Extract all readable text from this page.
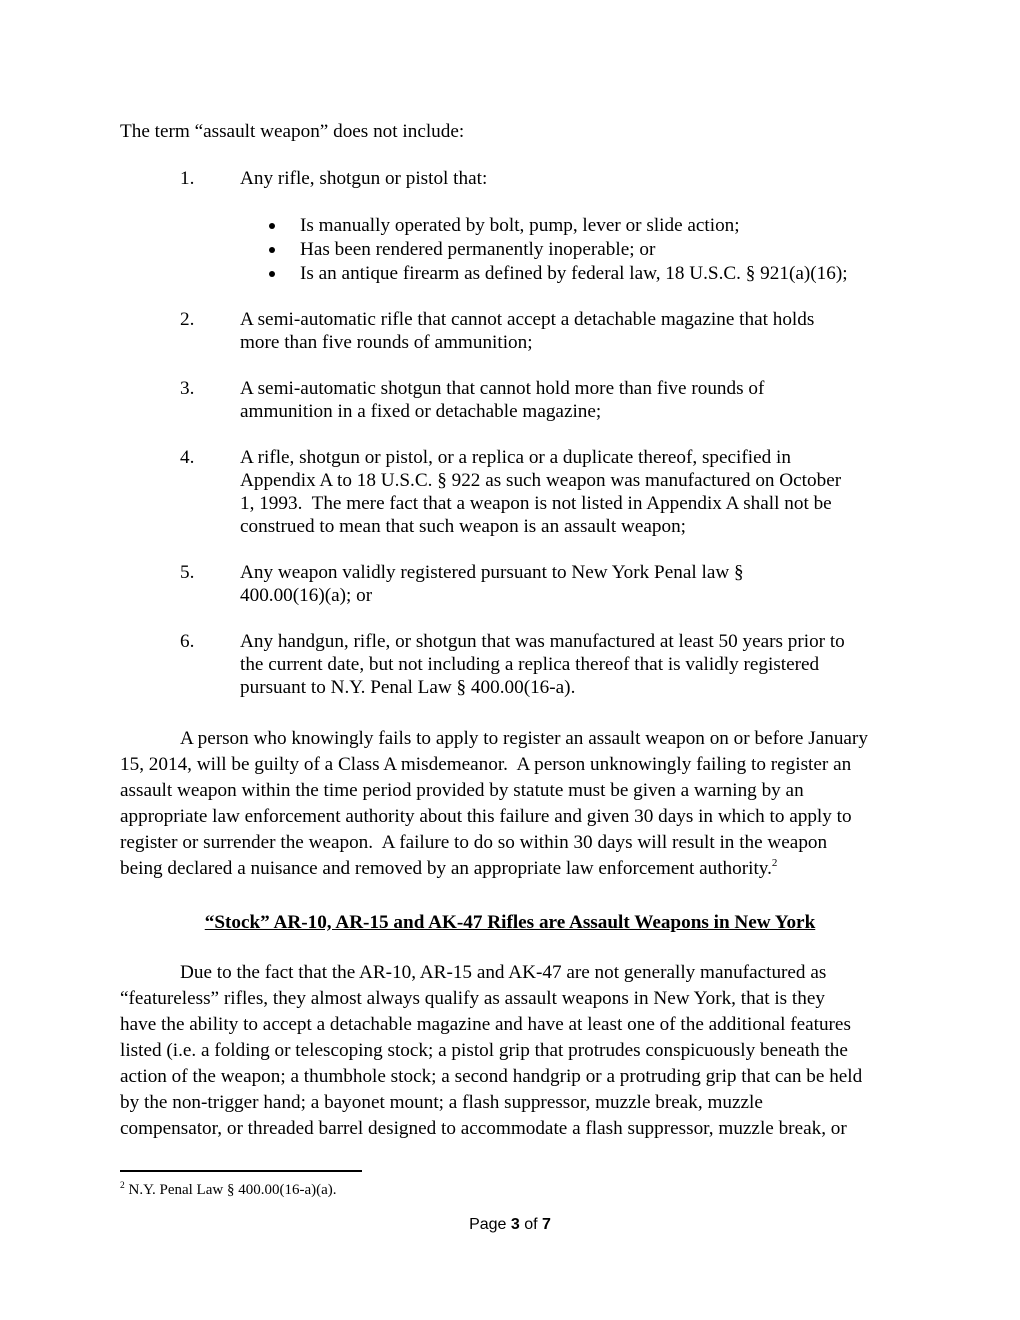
The term “assault weapon” does not include:
1. Any rifle, shotgun or pistol that:
Is manually operated by bolt, pump, lever or slide action;
Has been rendered permanently inoperable; or
Is an antique firearm as defined by federal law, 18 U.S.C. § 921(a)(16);
2. A semi-automatic rifle that cannot accept a detachable magazine that holds
more than five rounds of ammunition;
3. A semi-automatic shotgun that cannot hold more than five rounds of
ammunition in a fixed or detachable magazine;
4. A rifle, shotgun or pistol, or a replica or a duplicate thereof, specified in
Appendix A to 18 U.S.C. § 922 as such weapon was manufactured on October
1, 1993.  The mere fact that a weapon is not listed in Appendix A shall not be
construed to mean that such weapon is an assault weapon;
5. Any weapon validly registered pursuant to New York Penal law §
400.00(16)(a); or
6. Any handgun, rifle, or shotgun that was manufactured at least 50 years prior to
the current date, but not including a replica thereof that is validly registered
pursuant to N.Y. Penal Law § 400.00(16-a).
A person who knowingly fails to apply to register an assault weapon on or before January
15, 2014, will be guilty of a Class A misdemeanor.  A person unknowingly failing to register an
assault weapon within the time period provided by statute must be given a warning by an
appropriate law enforcement authority about this failure and given 30 days in which to apply to
register or surrender the weapon.  A failure to do so within 30 days will result in the weapon
being declared a nuisance and removed by an appropriate law enforcement authority.$^2$
“Stock” AR-10, AR-15 and AK-47 Rifles are Assault Weapons in New York
Due to the fact that the AR-10, AR-15 and AK-47 are not generally manufactured as
“featureless” rifles, they almost always qualify as assault weapons in New York, that is they
have the ability to accept a detachable magazine and have at least one of the additional features
listed (i.e. a folding or telescoping stock; a pistol grip that protrudes conspicuously beneath the
action of the weapon; a thumbhole stock; a second handgrip or a protruding grip that can be held
by the non-trigger hand; a bayonet mount; a flash suppressor, muzzle break, muzzle
compensator, or threaded barrel designed to accommodate a flash suppressor, muzzle break, or
$^2$ N.Y. Penal Law § 400.00(16-a)(a).
Page 3 of 7
